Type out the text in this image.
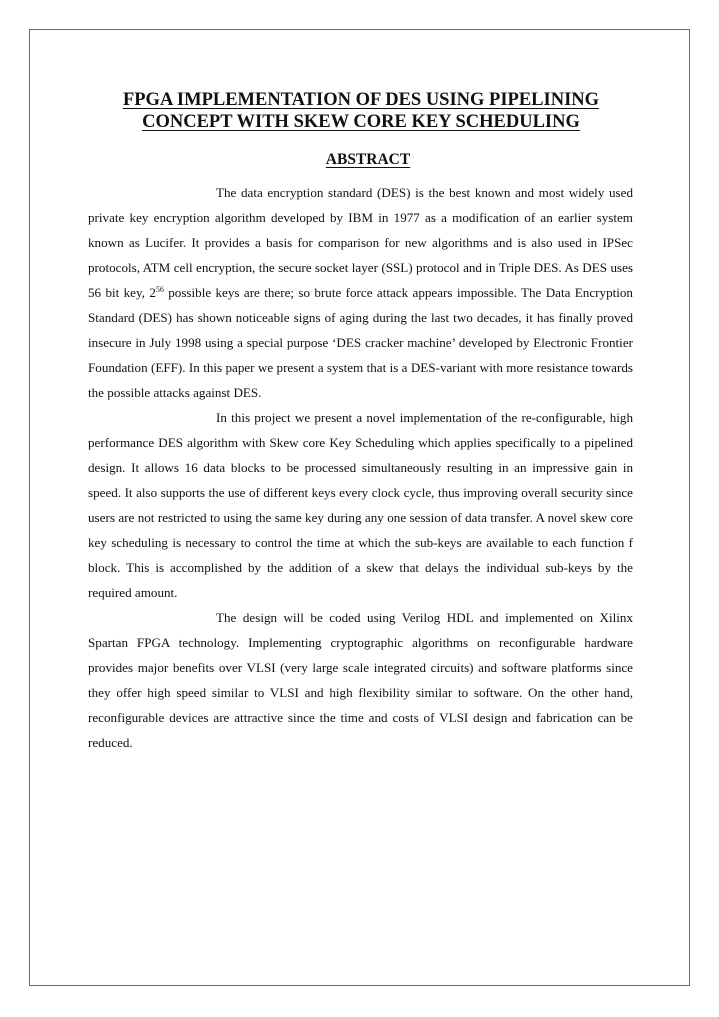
FPGA IMPLEMENTATION OF DES USING PIPELINING
CONCEPT WITH SKEW CORE KEY SCHEDULING
ABSTRACT

The data encryption standard (DES) is the best known and most widely used private key encryption algorithm developed by IBM in 1977 as a modification of an earlier system known as Lucifer. It provides a basis for comparison for new algorithms and is also used in IPSec protocols, ATM cell encryption, the secure socket layer (SSL) protocol and in Triple DES. As DES uses 56 bit key, $2^{56}$ possible keys are there; so brute force attack appears impossible. The Data Encryption Standard (DES) has shown noticeable signs of aging during the last two decades, it has finally proved insecure in July 1998 using a special purpose ‘DES cracker machine’ developed by Electronic Frontier Foundation (EFF). In this paper we present a system that is a DES-variant with more resistance towards the possible attacks against DES.

In this project we present a novel implementation of the re-configurable, high performance DES algorithm with Skew core Key Scheduling which applies specifically to a pipelined design. It allows 16 data blocks to be processed simultaneously resulting in an impressive gain in speed. It also supports the use of different keys every clock cycle, thus improving overall security since users are not restricted to using the same key during any one session of data transfer. A novel skew core key scheduling is necessary to control the time at which the sub-keys are available to each function f block. This is accomplished by the addition of a skew that delays the individual sub-keys by the required amount.

The design will be coded using Verilog HDL and implemented on Xilinx Spartan FPGA technology. Implementing cryptographic algorithms on reconfigurable hardware provides major benefits over VLSI (very large scale integrated circuits) and software platforms since they offer high speed similar to VLSI and high flexibility similar to software. On the other hand, reconfigurable devices are attractive since the time and costs of VLSI design and fabrication can be reduced.
